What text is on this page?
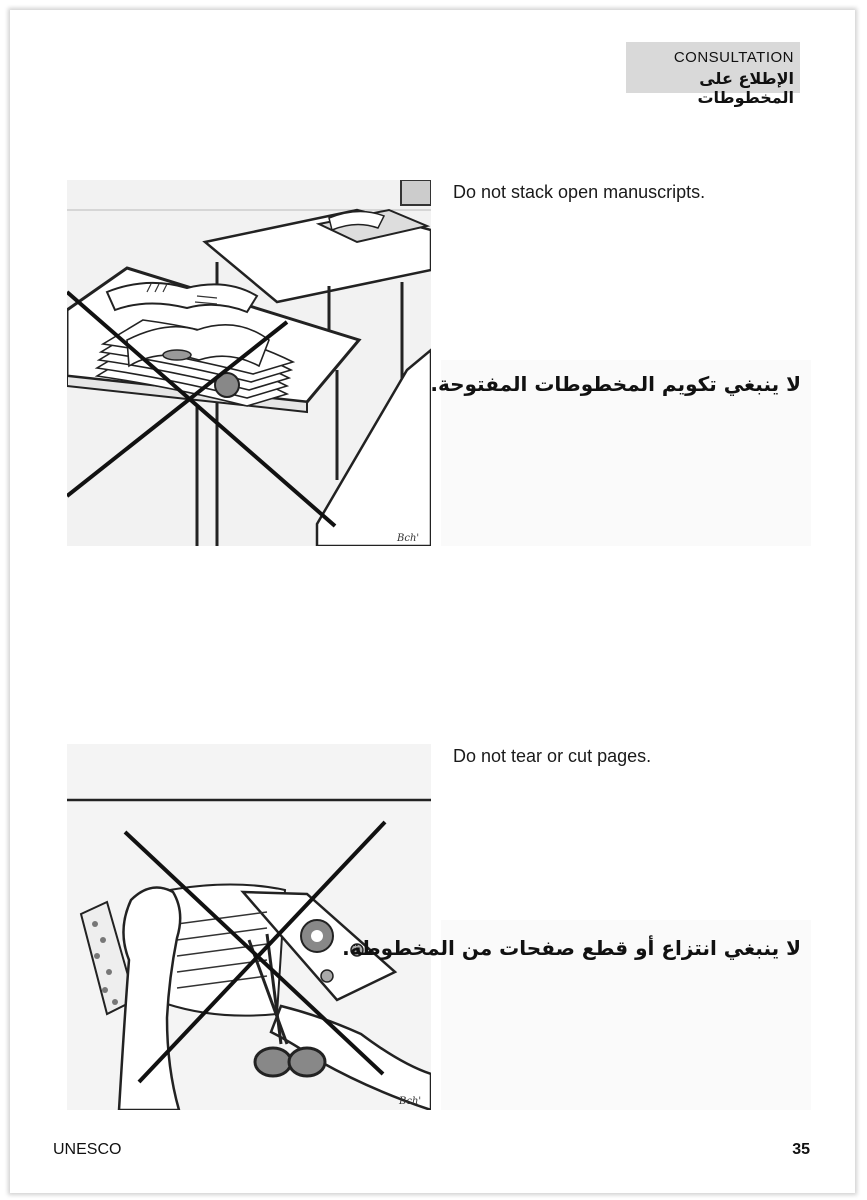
CONSULTATION
الإطلاع على المخطوطات
Bch'
Do not stack open manuscripts.
لا ينبغي تكويم المخطوطات المفتوحة.
Bch'
Do not tear or cut pages.
لا ينبغي انتزاع أو قطع صفحات من المخطوطة.
UNESCO	35
